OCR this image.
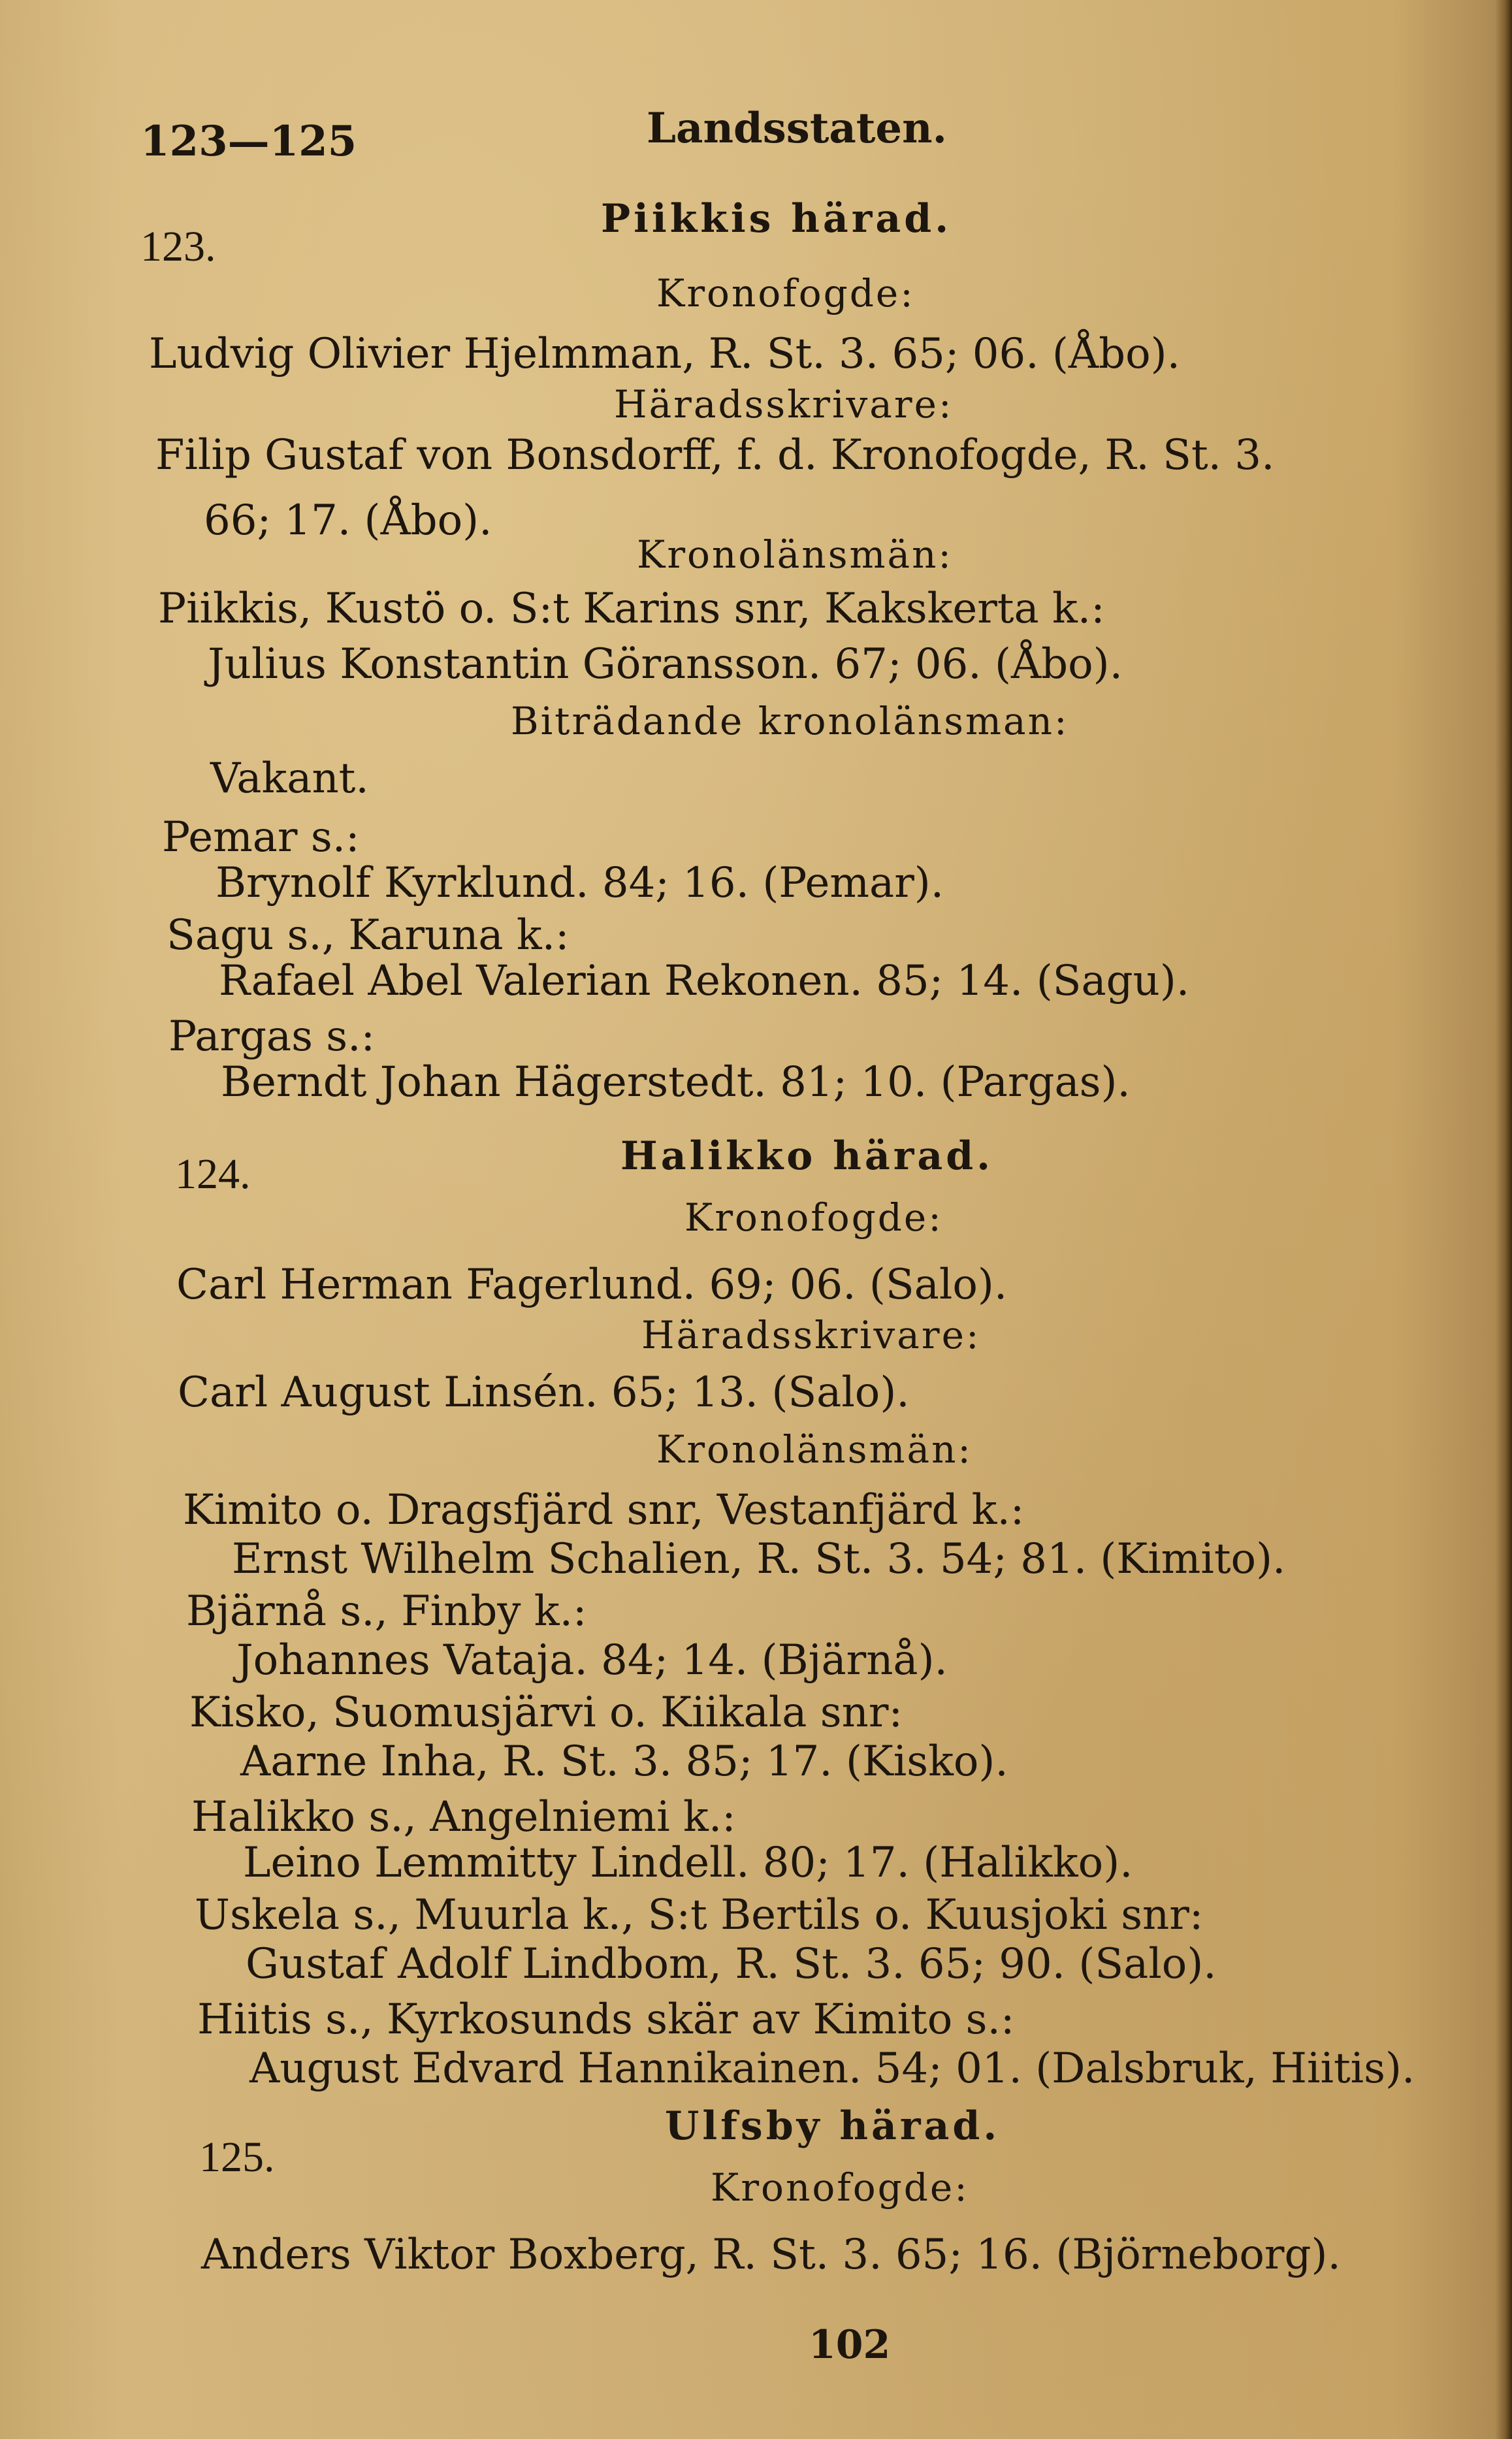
123—125	Landsstaten.
123.
Piikkis härad.
Kronofogde:
Ludvig Olivier Hjelmman, R. St. 3. 65; 06. (Åbo).
Häradsskrivare:
Filip Gustaf von Bonsdorff, f. d. Kronofogde, R. St. 3.
66; 17. (Åbo).
Kronolänsmän:
Piikkis, Kustö o. S:t Karins snr, Kakskerta k.:
Julius Konstantin Göransson. 67; 06. (Åbo).
Biträdande kronolänsman:
Vakant.
Pemar s.:
Brynolf Kyrklund. 84; 16. (Pemar).
Sagu s., Karuna k.:
Rafael Abel Valerian Rekonen. 85; 14. (Sagu).
Pargas s.:
Berndt Johan Hägerstedt. 81; 10. (Pargas).
124.	Halikko härad.
Kronofogde:
Carl Herman Fagerlund. 69; 06. (Salo).
Häradsskrivare:
Carl August Linsén. 65; 13. (Salo).
Kronolänsmän:
Kimito o. Dragsfjärd snr, Vestanfjärd k.:
Ernst Wilhelm Schalien, R. St. 3. 54; 81. (Kimito).
Bjärnå s., Finby k.:
Johannes Vataja. 84; 14. (Bjärnå).
Kisko, Suomusjärvi o. Kiikala snr:
Aarne Inha, R. St. 3. 85; 17. (Kisko).
Halikko s., Angelniemi k.:
Leino Lemmitty Lindell. 80; 17. (Halikko).
Uskela s., Muurla k., S:t Bertils o. Kuusjoki snr:
Gustaf Adolf Lindbom, R. St. 3. 65; 90. (Salo).
Hiitis s., Kyrkosunds skär av Kimito s.:
August Edvard Hannikainen. 54; 01. (Dalsbruk, Hiitis).
125.
Ulfsby härad.
Kronofogde:
Anders Viktor Boxberg, R. St. 3. 65; 16. (Björneborg).
102
